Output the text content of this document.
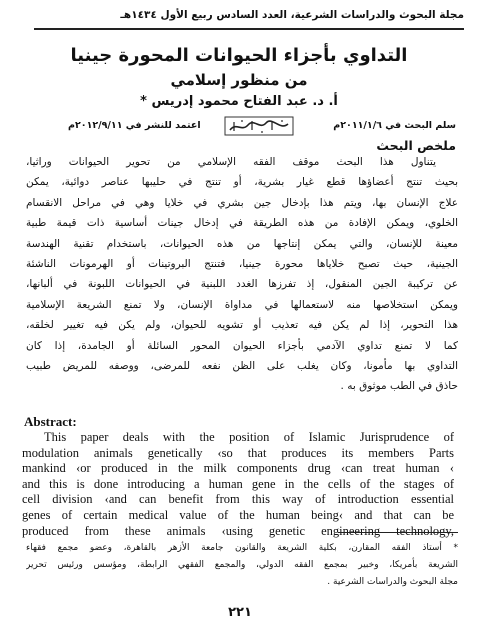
مجلة البحوث والدراسات الشرعية، العدد السادس ربيع الأول ١٤٣٤هـ
التداوي بأجزاء الحيوانات المحورة جينيا
من منظور إسلامي
أ. د. عبد الفتاح محمود إدريس *
سلم البحث في ٢٠١١/١/٦م
اعتمد للنشر في ٢٠١٢/٩/١١م
ملخص البحث
يتناول هذا البحث موقف الفقه الإسلامي من تحوير الحيوانات وراثيا،
بحيث تنتج أعضاؤها قطع غيار بشرية، أو تنتج في حليبها عناصر دوائية، يمكن
علاج الإنسان بها، ويتم هذا بإدخال جين بشري في خلايا وهي في مراحل الانقسام
الخلوي، ويمكن الإفادة من هذه الطريقة في إدخال جينات أساسية ذات قيمة طبية
معينة للإنسان، والتي يمكن إنتاجها من هذه الحيوانات، باستخدام تقنية الهندسة
الجينية، حيث تصبح خلاياها محورة جينيا، فتنتج البروتينات أو الهرمونات الناشئة
عن تركيبة الجين المنقول، إذ تفرزها الغدد اللبنية في الحيوانات اللبونة في ألبانها،
ويمكن استخلاصها منه لاستعمالها في مداواة الإنسان، ولا تمنع الشريعة الإسلامية
هذا التحوير، إذا لم يكن فيه تعذيب أو تشويه للحيوان، ولم يكن فيه تغيير لخلقه،
كما لا تمنع تداوي الآدمي بأجزاء الحيوان المحور السائلة أو الجامدة، إذا كان
التداوي بها مأمونا، وكان يغلب على الظن نفعه للمرضى، ووصفه للمريض طبيب
حاذق في الطب موثوق به .
Abstract:
This paper deals with the position of Islamic Jurisprudence of
modulation animals genetically ‹so that produces its members Parts
mankind ‹or produced in the milk components drug ‹can treat human ‹
and this is done introducing a human gene in the cells of the stages of
cell division ‹and can benefit from this way of introduction essential
genes of certain medical value of the human being‹ and that can be
produced from these animals ‹using genetic engineering technology,
* أستاذ الفقه المقارن، بكلية الشريعة والقانون جامعة الأزهر بالقاهرة، وعضو مجمع فقهاء
الشريعة بأمريكا، وخبير بمجمع الفقه الدولي، والمجمع الفقهي الرابطة، ومؤسس ورئيس تحرير
مجلة البحوث والدراسات الشرعية .
٢٢١
